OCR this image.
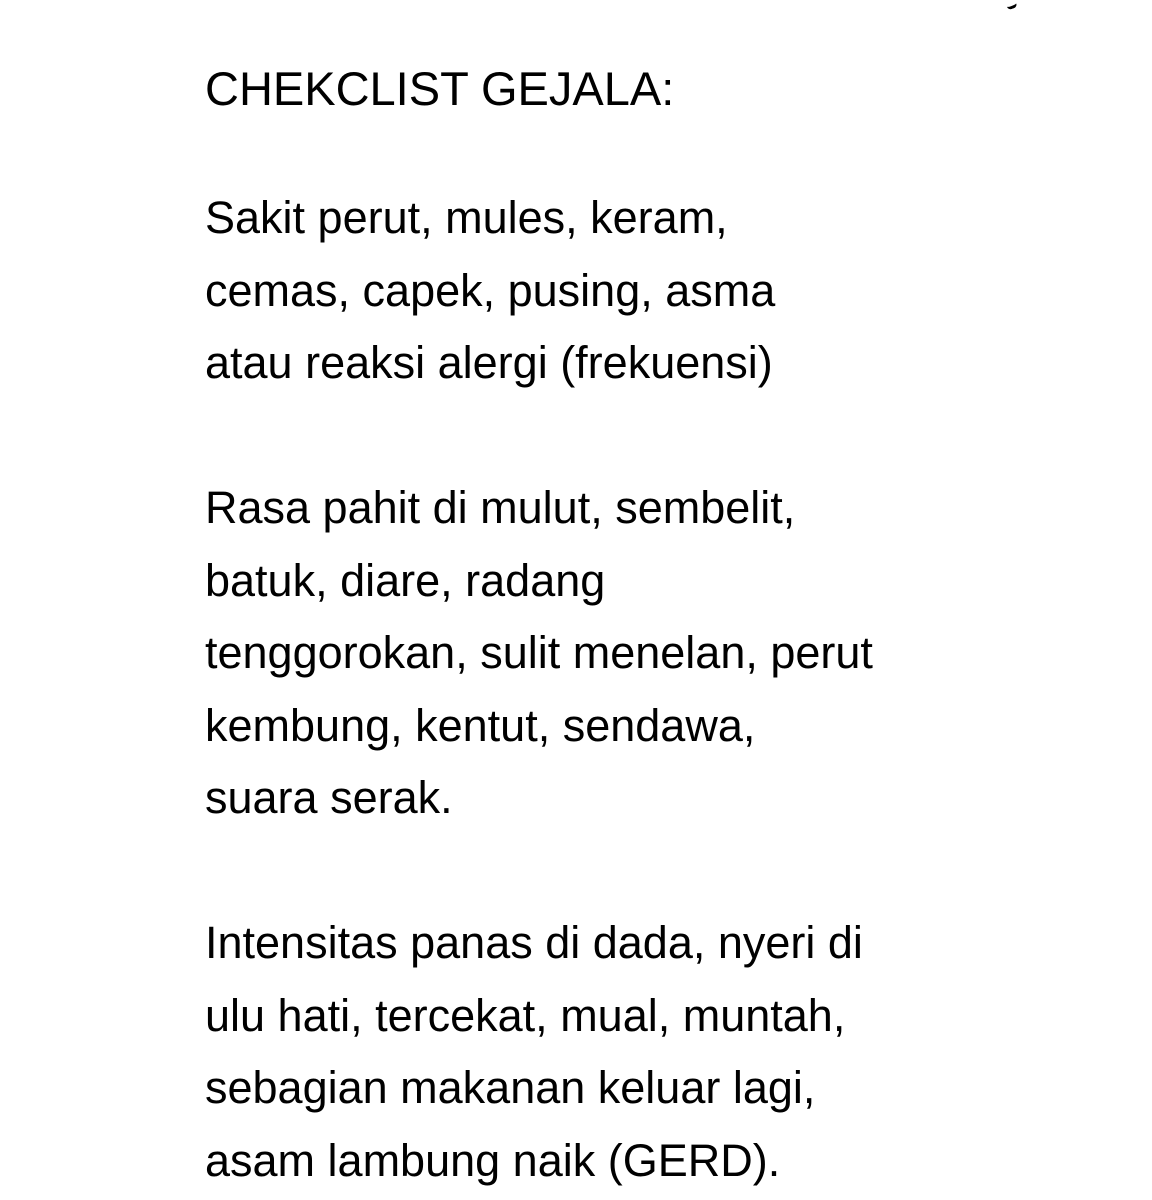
CHEKCLIST GEJALA:

Sakit perut, mules, keram,
cemas, capek, pusing, asma
atau reaksi alergi (frekuensi)

Rasa pahit di mulut, sembelit,
batuk, diare, radang
tenggorokan, sulit menelan, perut
kembung, kentut, sendawa,
suara serak.

Intensitas panas di dada, nyeri di
ulu hati, tercekat, mual, muntah,
sebagian makanan keluar lagi,
asam lambung naik (GERD).
